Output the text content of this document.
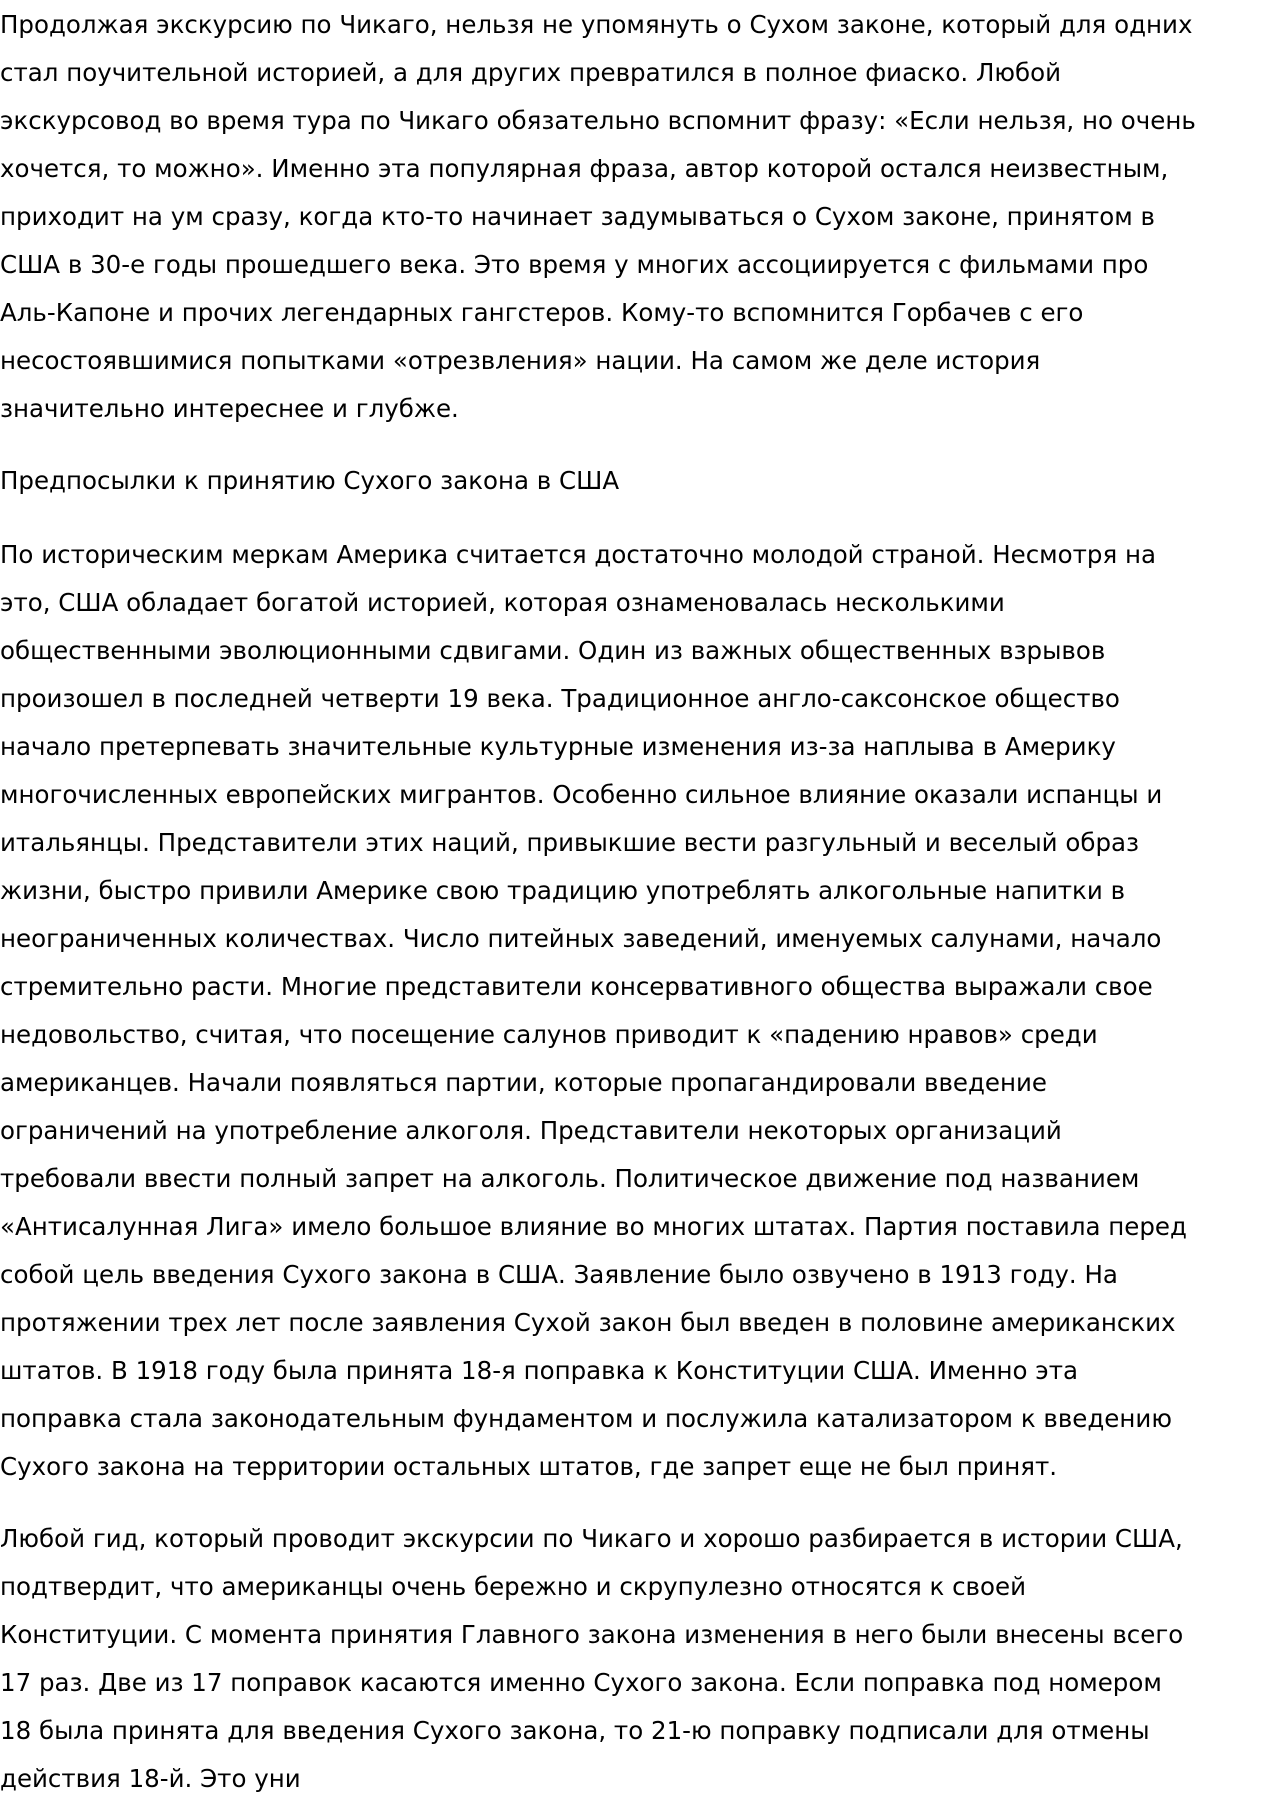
Продолжая экскурсию по Чикаго, нельзя не упомянуть о Сухом законе, который для одних
стал поучительной историей, а для других превратился в полное фиаско. Любой
экскурсовод во время тура по Чикаго обязательно вспомнит фразу: «Если нельзя, но очень
хочется, то можно». Именно эта популярная фраза, автор которой остался неизвестным,
приходит на ум сразу, когда кто-то начинает задумываться о Сухом законе, принятом в
США в 30-е годы прошедшего века. Это время у многих ассоциируется с фильмами про
Аль-Капоне и прочих легендарных гангстеров. Кому-то вспомнится Горбачев с его
несостоявшимися попытками «отрезвления» нации. На самом же деле история
значительно интереснее и глубже.

Предпосылки к принятию Сухого закона в США

По историческим меркам Америка считается достаточно молодой страной. Несмотря на
это, США обладает богатой историей, которая ознаменовалась несколькими
общественными эволюционными сдвигами. Один из важных общественных взрывов
произошел в последней четверти 19 века. Традиционное англо-саксонское общество
начало претерпевать значительные культурные изменения из-за наплыва в Америку
многочисленных европейских мигрантов. Особенно сильное влияние оказали испанцы и
итальянцы. Представители этих наций, привыкшие вести разгульный и веселый образ
жизни, быстро привили Америке свою традицию употреблять алкогольные напитки в
неограниченных количествах. Число питейных заведений, именуемых салунами, начало
стремительно расти. Многие представители консервативного общества выражали свое
недовольство, считая, что посещение салунов приводит к «падению нравов» среди
американцев. Начали появляться партии, которые пропагандировали введение
ограничений на употребление алкоголя. Представители некоторых организаций
требовали ввести полный запрет на алкоголь. Политическое движение под названием
«Антисалунная Лига» имело большое влияние во многих штатах. Партия поставила перед
собой цель введения Сухого закона в США. Заявление было озвучено в 1913 году. На
протяжении трех лет после заявления Сухой закон был введен в половине американских
штатов. В 1918 году была принята 18-я поправка к Конституции США. Именно эта
поправка стала законодательным фундаментом и послужила катализатором к введению
Сухого закона на территории остальных штатов, где запрет еще не был принят.

Любой гид, который проводит экскурсии по Чикаго и хорошо разбирается в истории США,
подтвердит, что американцы очень бережно и скрупулезно относятся к своей
Конституции. С момента принятия Главного закона изменения в него были внесены всего
17 раз. Две из 17 поправок касаются именно Сухого закона. Если поправка под номером
18 была принята для введения Сухого закона, то 21-ю поправку подписали для отмены
действия 18-й. Это уни
